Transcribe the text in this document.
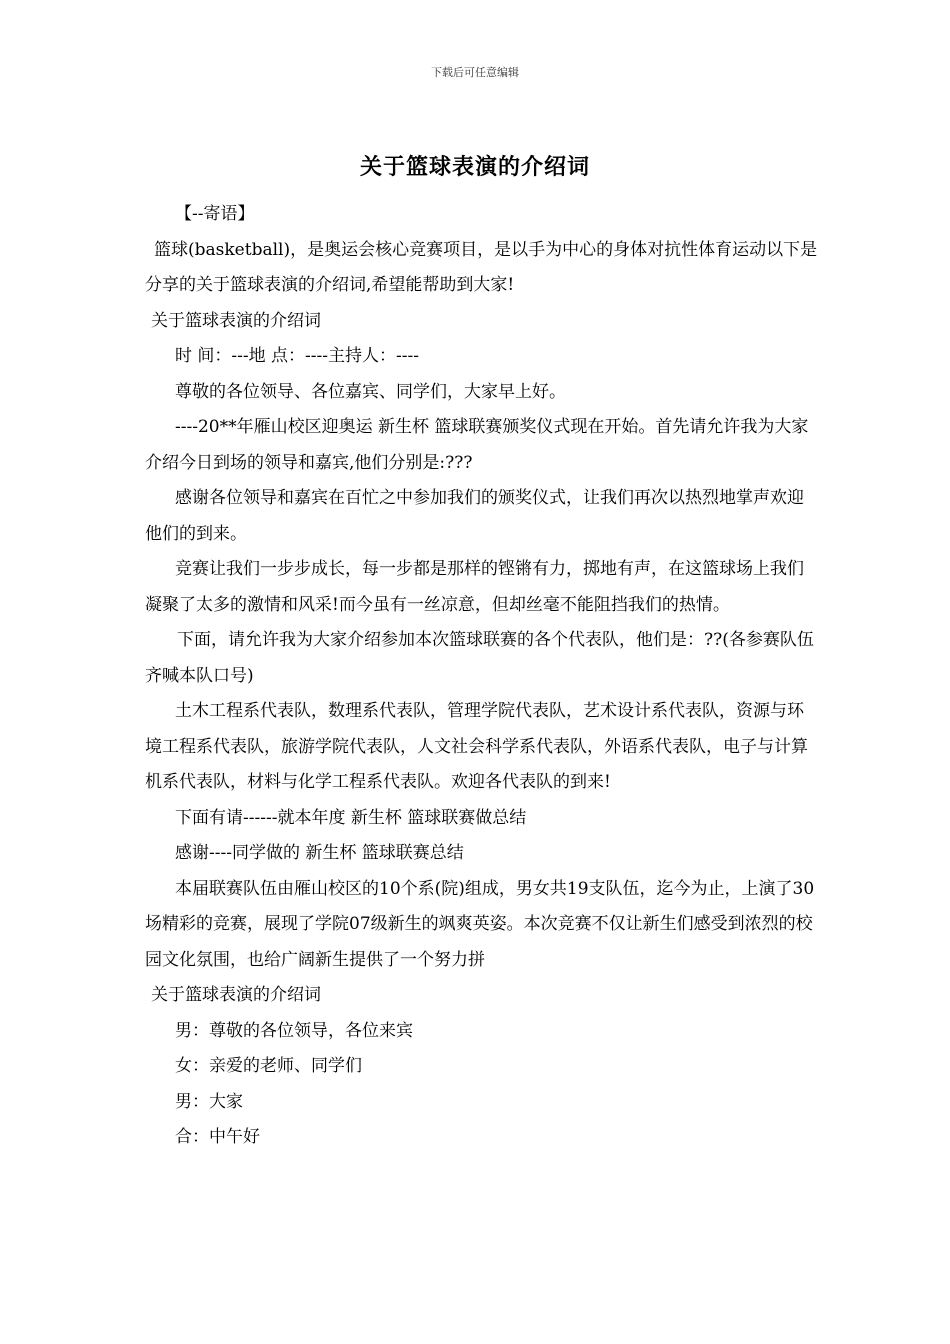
下载后可任意编辑
关于篮球表演的介绍词

【--寄语】

篮球(basketball)，是奥运会核心竞赛项目，是以手为中心的身体对抗性体育运动以下是分享的关于篮球表演的介绍词,希望能帮助到大家!

关于篮球表演的介绍词

时 间：---地 点：----主持人：----

尊敬的各位领导、各位嘉宾、同学们，大家早上好。

----20**年雁山校区迎奥运 新生杯 篮球联赛颁奖仪式现在开始。首先请允许我为大家介绍今日到场的领导和嘉宾,他们分别是:???

感谢各位领导和嘉宾在百忙之中参加我们的颁奖仪式，让我们再次以热烈地掌声欢迎他们的到来。

竞赛让我们一步步成长，每一步都是那样的铿锵有力，掷地有声，在这篮球场上我们凝聚了太多的激情和风采!而今虽有一丝凉意，但却丝毫不能阻挡我们的热情。

下面，请允许我为大家介绍参加本次篮球联赛的各个代表队，他们是：??(各参赛队伍齐喊本队口号)

土木工程系代表队，数理系代表队，管理学院代表队，艺术设计系代表队，资源与环境工程系代表队，旅游学院代表队，人文社会科学系代表队，外语系代表队，电子与计算机系代表队，材料与化学工程系代表队。欢迎各代表队的到来!

下面有请------就本年度 新生杯 篮球联赛做总结

感谢----同学做的 新生杯 篮球联赛总结

本届联赛队伍由雁山校区的10个系(院)组成，男女共19支队伍，迄今为止，上演了30场精彩的竞赛，展现了学院07级新生的飒爽英姿。本次竞赛不仅让新生们感受到浓烈的校园文化氛围，也给广阔新生提供了一个努力拼

关于篮球表演的介绍词

男：尊敬的各位领导，各位来宾

女：亲爱的老师、同学们

男：大家

合：中午好
